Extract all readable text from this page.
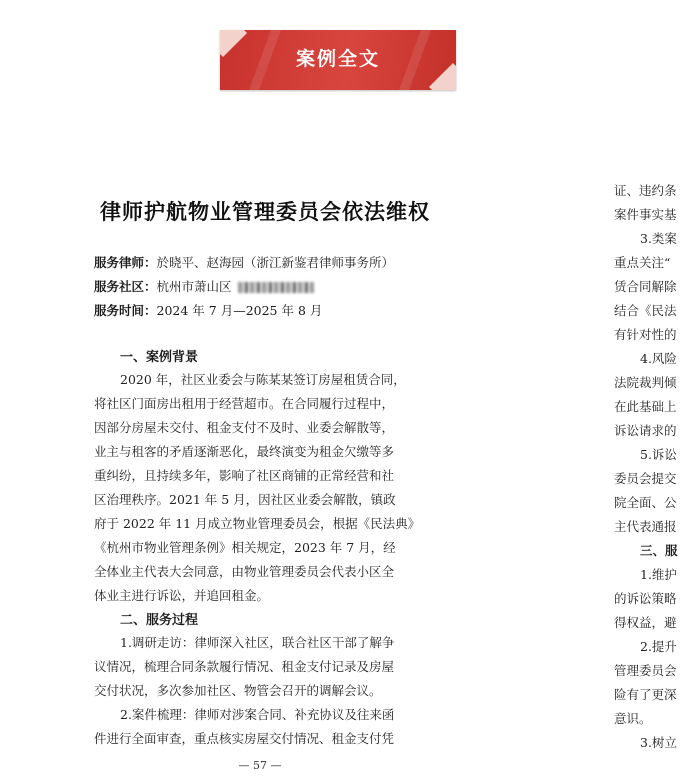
案例全文
律师护航物业管理委员会依法维权
服务律师：於晓平、赵海园（浙江新鉴君律师事务所）
服务社区：杭州市萧山区
服务时间：2024 年 7 月—2025 年 8 月
一、案例背景
2020 年，社区业委会与陈某某签订房屋租赁合同，
将社区门面房出租用于经营超市。在合同履行过程中，
因部分房屋未交付、租金支付不及时、业委会解散等，
业主与租客的矛盾逐渐恶化，最终演变为租金欠缴等多
重纠纷，且持续多年，影响了社区商铺的正常经营和社
区治理秩序。2021 年 5 月，因社区业委会解散，镇政
府于 2022 年 11 月成立物业管理委员会，根据《民法典》
《杭州市物业管理条例》相关规定，2023 年 7 月，经
全体业主代表大会同意，由物业管理委员会代表小区全
体业主进行诉讼，并追回租金。
二、服务过程
1.调研走访：律师深入社区，联合社区干部了解争
议情况，梳理合同条款履行情况、租金支付记录及房屋
交付状况，多次参加社区、物管会召开的调解会议。
2.案件梳理：律师对涉案合同、补充协议及往来函
件进行全面审查，重点核实房屋交付情况、租金支付凭
证、违约条
案件事实基
3.类案
重点关注“
赁合同解除
结合《民法
有针对性的
4.风险
法院裁判倾
在此基础上
诉讼请求的
5.诉讼
委员会提交
院全面、公
主代表通报
三、服
1.维护
的诉讼策略
得权益，避
2.提升
管理委员会
险有了更深
意识。
3.树立
— 57 —
